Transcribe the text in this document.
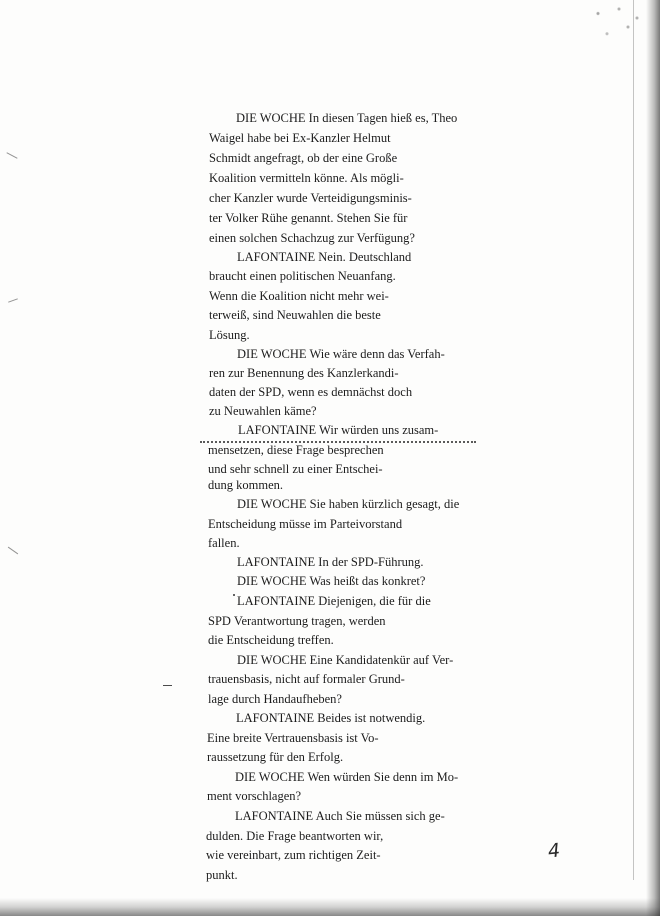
DIE WOCHE In diesen Tagen hieß es, Theo
Waigel habe bei Ex-Kanzler Helmut
Schmidt angefragt, ob der eine Große
Koalition vermitteln könne. Als mögli-
cher Kanzler wurde Verteidigungsminis-
ter Volker Rühe genannt. Stehen Sie für
einen solchen Schachzug zur Verfügung?
LAFONTAINE Nein. Deutschland
braucht einen politischen Neuanfang.
Wenn die Koalition nicht mehr wei-
terweiß, sind Neuwahlen die beste
Lösung.
DIE WOCHE Wie wäre denn das Verfah-
ren zur Benennung des Kanzlerkandi-
daten der SPD, wenn es demnächst doch
zu Neuwahlen käme?
LAFONTAINE Wir würden uns zusam-
mensetzen, diese Frage besprechen
und sehr schnell zu einer Entschei-
dung kommen.
DIE WOCHE Sie haben kürzlich gesagt, die
Entscheidung müsse im Parteivorstand
fallen.
LAFONTAINE In der SPD-Führung.
DIE WOCHE Was heißt das konkret?
LAFONTAINE Diejenigen, die für die
SPD Verantwortung tragen, werden
die Entscheidung treffen.
DIE WOCHE Eine Kandidatenkür auf Ver-
trauensbasis, nicht auf formaler Grund-
lage durch Handaufheben?
LAFONTAINE Beides ist notwendig.
Eine breite Vertrauensbasis ist Vo-
raussetzung für den Erfolg.
DIE WOCHE Wen würden Sie denn im Mo-
ment vorschlagen?
LAFONTAINE Auch Sie müssen sich ge-
dulden. Die Frage beantworten wir,
wie vereinbart, zum richtigen Zeit-
punkt.
4
